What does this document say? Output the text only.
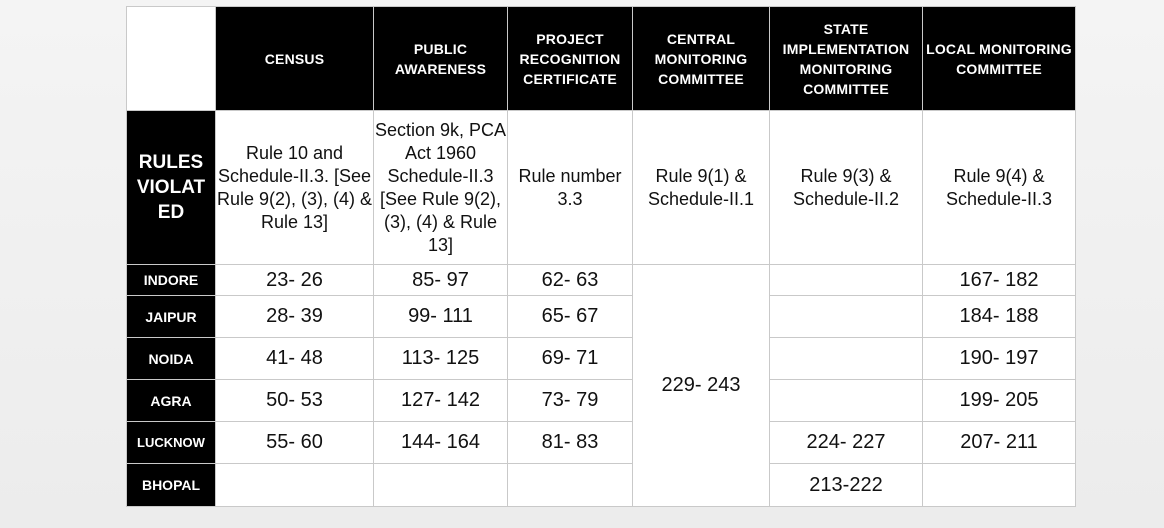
	CENSUS	PUBLIC AWARENESS	PROJECT RECOGNITION CERTIFICATE	CENTRAL MONITORING COMMITTEE	STATE IMPLEMENTATION MONITORING COMMITTEE	LOCAL MONITORING COMMITTEE

RULES VIOLATED	Rule 10 and Schedule-II.3. [See Rule 9(2), (3), (4) & Rule 13]	Section 9k, PCA Act 1960 Schedule-II.3 [See Rule 9(2), (3), (4) & Rule 13]	Rule number 3.3	Rule 9(1) & Schedule-II.1	Rule 9(3) & Schedule-II.2	Rule 9(4) & Schedule-II.3
INDORE	23- 26	85- 97	62- 63	229- 243		167- 182
JAIPUR	28- 39	99- 111	65- 67			184- 188
NOIDA	41- 48	113- 125	69- 71			190- 197
AGRA	50- 53	127- 142	73- 79			199- 205
LUCKNOW	55- 60	144- 164	81- 83		224- 227	207- 211
BHOPAL					213-222	
